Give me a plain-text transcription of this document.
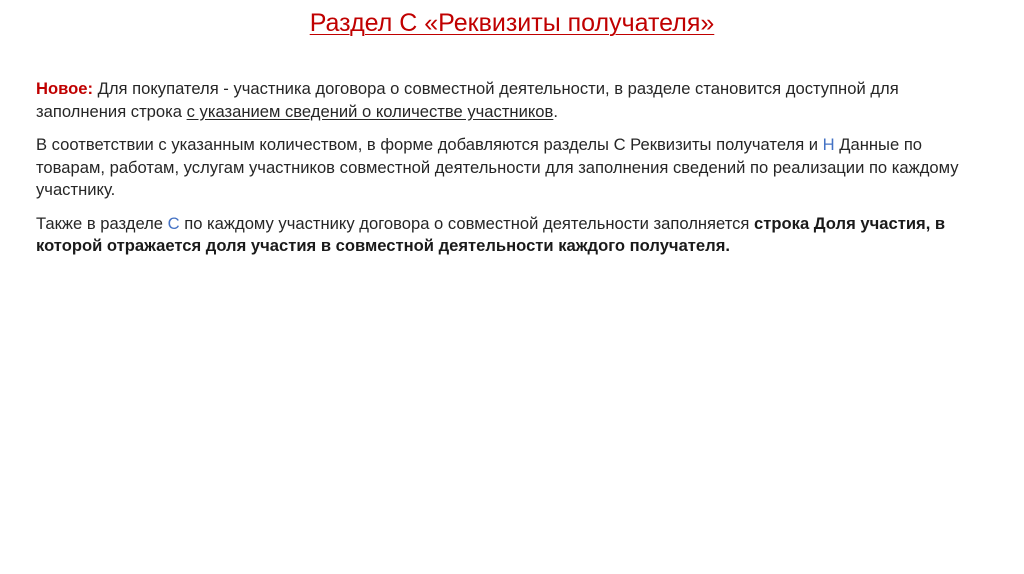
Раздел С «Реквизиты получателя»

Новое: Для покупателя - участника договора о совместной деятельности, в разделе становится доступной для заполнения строка с указанием сведений о количестве участников.

В соответствии с указанным количеством, в форме добавляются разделы С Реквизиты получателя и Н Данные по товарам, работам, услугам участников совместной деятельности для заполнения сведений по реализации по каждому участнику.

Также в разделе С по каждому участнику договора о совместной деятельности заполняется строка Доля участия, в которой отражается доля участия в совместной деятельности каждого получателя.
